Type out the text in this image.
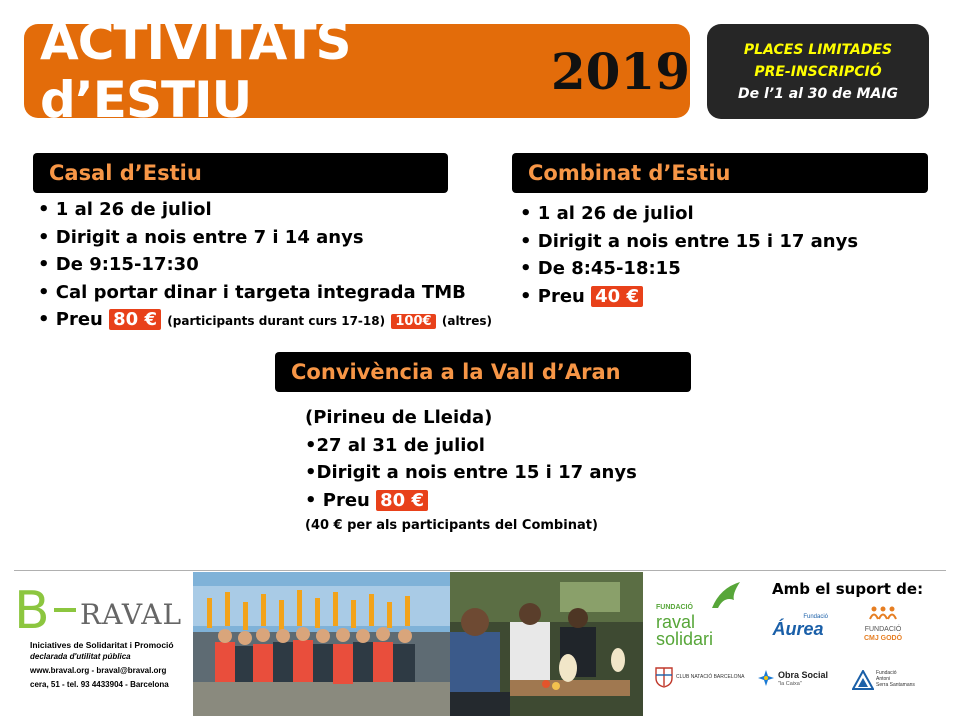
ACTIVITATS d’ESTIU	2019	PLACES LIMITADES
PRE-INSCRIPCIÓ
De l’1 al 30 de MAIG
Casal d’Estiu
• 1 al 26 de juliol
• Dirigit a nois entre 7 i 14 anys
• De 9:15-17:30
• Cal portar dinar i targeta integrada TMB
• Preu 80 € (participants durant curs 17-18) 100€ (altres)
Combinat d’Estiu
• 1 al 26 de juliol
• Dirigit a nois entre 15 i 17 anys
• De 8:45-18:15
• Preu 40 €
Convivència a la Vall d’Aran
(Pirineu de Lleida)
•27 al 31 de juliol
•Dirigit a nois entre 15 i 17 anys
• Preu 80 €
(40 € per als participants del Combinat)
B RAVAL
Iniciatives de Solidaritat i Promoció
declarada d'utilitat pública
www.braval.org - braval@braval.org
cera, 51 - tel. 93 4433904 - Barcelona
Amb el suport de:
FUNDACIÓ
raval
solidari
Fundació
Áurea	FUNDACIÓ
CMJ GODÓ
CLUB NATACIÓ BARCELONA	Obra Social
"la Caixa"
Fundació
Antoni
Serra Santamans
